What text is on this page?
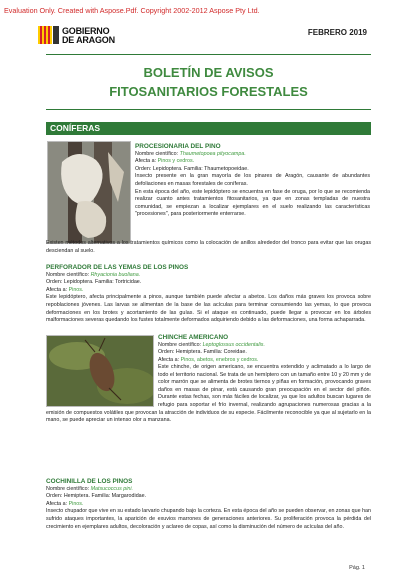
Evaluation Only. Created with Aspose.Pdf. Copyright 2002-2012 Aspose Pty Ltd.
GOBIERNO
DE ARAGON
FEBRERO 2019
BOLETÍN DE AVISOS
FITOSANITARIOS FORESTALES
CONÍFERAS
PROCESIONARIA DEL PINO
Nombre científico: Thaumetopoea pityocampa.
Afecta a: Pinos y cedros.
Orden: Lepidoptera. Familia: Thaumetopoeidae.
Insecto presente en la gran mayoría de los pinares de Aragón, causante de abundantes defoliaciones en masas forestales de coníferas.
En esta época del año, este lepidóptero se encuentra en fase de oruga, por lo que se recomienda realizar cuanto antes tratamientos fitosanitarios, ya que en zonas templadas de nuestra comunidad, se empiezan a localizar ejemplares en el suelo realizando las características "procesiones", para posteriormente enterrarse.
Existen métodos alternativos a los tratamientos químicos como la colocación de anillos alrededor del tronco para evitar que las orugas desciendan al suelo.
PERFORADOR DE LAS YEMAS DE LOS PINOS
Nombre científico: Rhyacionia buoliana.
Orden: Lepidoptera. Familia: Tortricidae.
Afecta a: Pinos.
Este lepidóptero, afecta principalmente a pinos, aunque también puede afectar a abetos. Los daños más graves los provoca sobre repoblaciones jóvenes. Las larvas se alimentan de la base de las acículas para terminar consumiendo las yemas, lo que provoca deformaciones en los brotes y acortamiento de las guías. Si el ataque es continuado, puede llegar a provocar en los árboles malformaciones severas quedando los fustes totalmente deformados adquiriendo debido a las deformaciones, una forma achaparrada.
CHINCHE AMERICANO
Nombre científico: Leptoglossus occidentalis.
Orden: Hemiptera. Familia: Coreidae.
Afecta a: Pinos, abetos, enebros y cedros.
Este chinche, de origen americano, se encuentra extendido y aclimatado a lo largo de todo el territorio nacional. Se trata de un hemíptero con un tamaño entre 10 y 20 mm y de color marrón que se alimenta de brotes tiernos y piñas en formación, provocando graves daños en masas de pinar, está causando gran preocupación en el sector del piñón. Durante estas fechas, son más fáciles de localizar, ya que los adultos buscan lugares de refugio para soportar el frío invernal, realizando agrupaciones numerosas gracias a la emisión de compuestos volátiles que provocan la atracción de individuos de su especie. Fácilmente reconocible ya que al sujetarlo en la mano, se puede apreciar un intenso olor a manzana.
COCHINILLA DE LOS PINOS
Nombre científico: Matsucoccus pini.
Orden: Hemiptera. Familia: Margarodidae.
Afecta a: Pinos.
Insecto chupador que vive en su estado larvario chupando bajo la corteza. En esta época del año se pueden observar, en zonas que han sufrido ataques importantes, la aparición de exuvios marrones de generaciones anteriores. Su proliferación provoca la pérdida del crecimiento en ejemplares adultos, decoloración y aclareo de copas, así como la disminución del número de acículas del año.
Pág. 1
